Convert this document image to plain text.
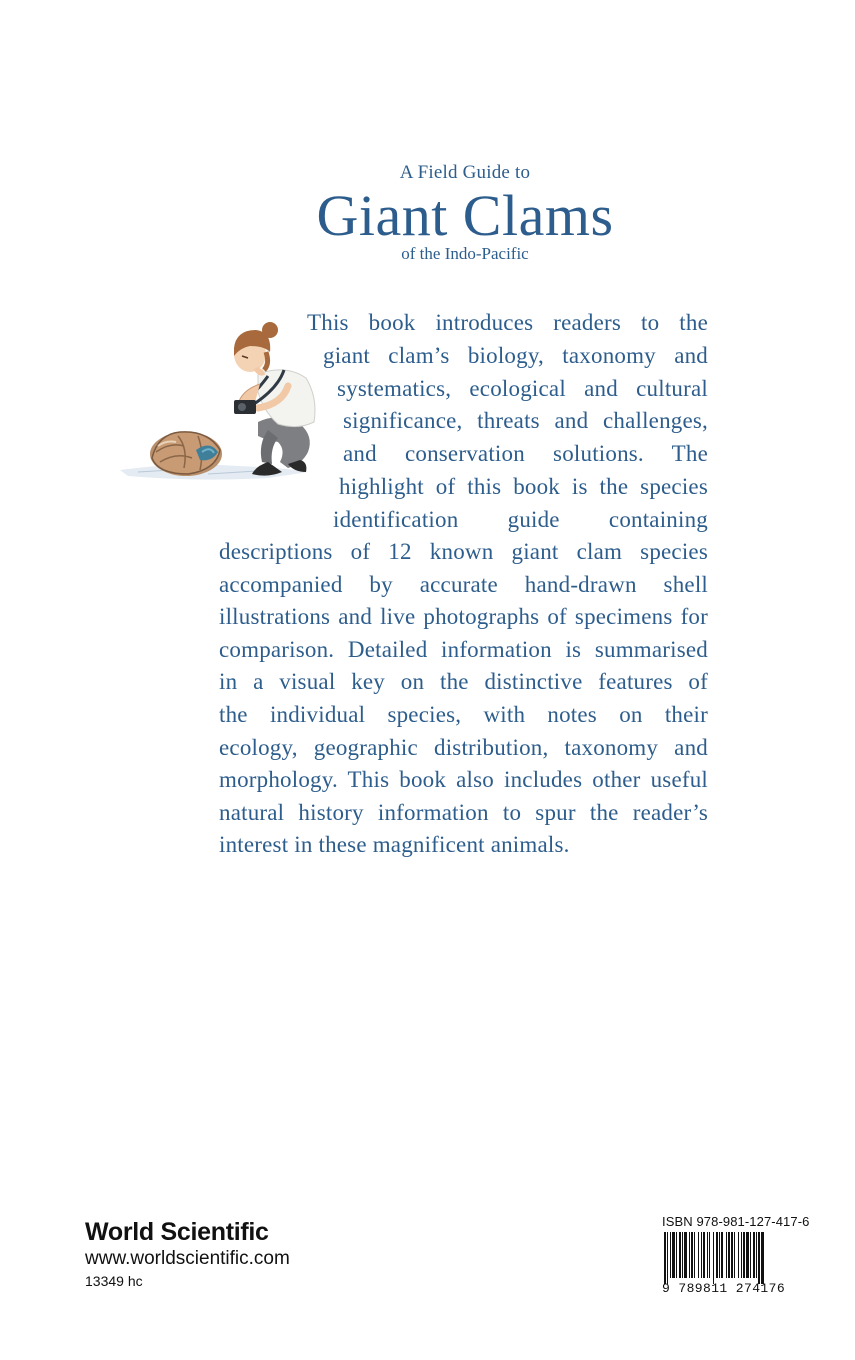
A Field Guide to
Giant Clams
of the Indo-Pacific
This book introduces readers to the
giant clam’s biology, taxonomy and
systematics, ecological and cultural
significance, threats and challenges,
and conservation solutions. The
highlight of this book is the species
identification guide containing
descriptions of 12 known giant clam species
accompanied by accurate hand-drawn shell
illustrations and live photographs of specimens for
comparison. Detailed information is summarised
in a visual key on the distinctive features of
the individual species, with notes on their
ecology, geographic distribution, taxonomy and
morphology. This book also includes other useful
natural history information to spur the reader’s
interest in these magnificent animals.
World Scientific
www.worldscientific.com
13349 hc
ISBN 978-981-127-417-6
9 789811 274176
